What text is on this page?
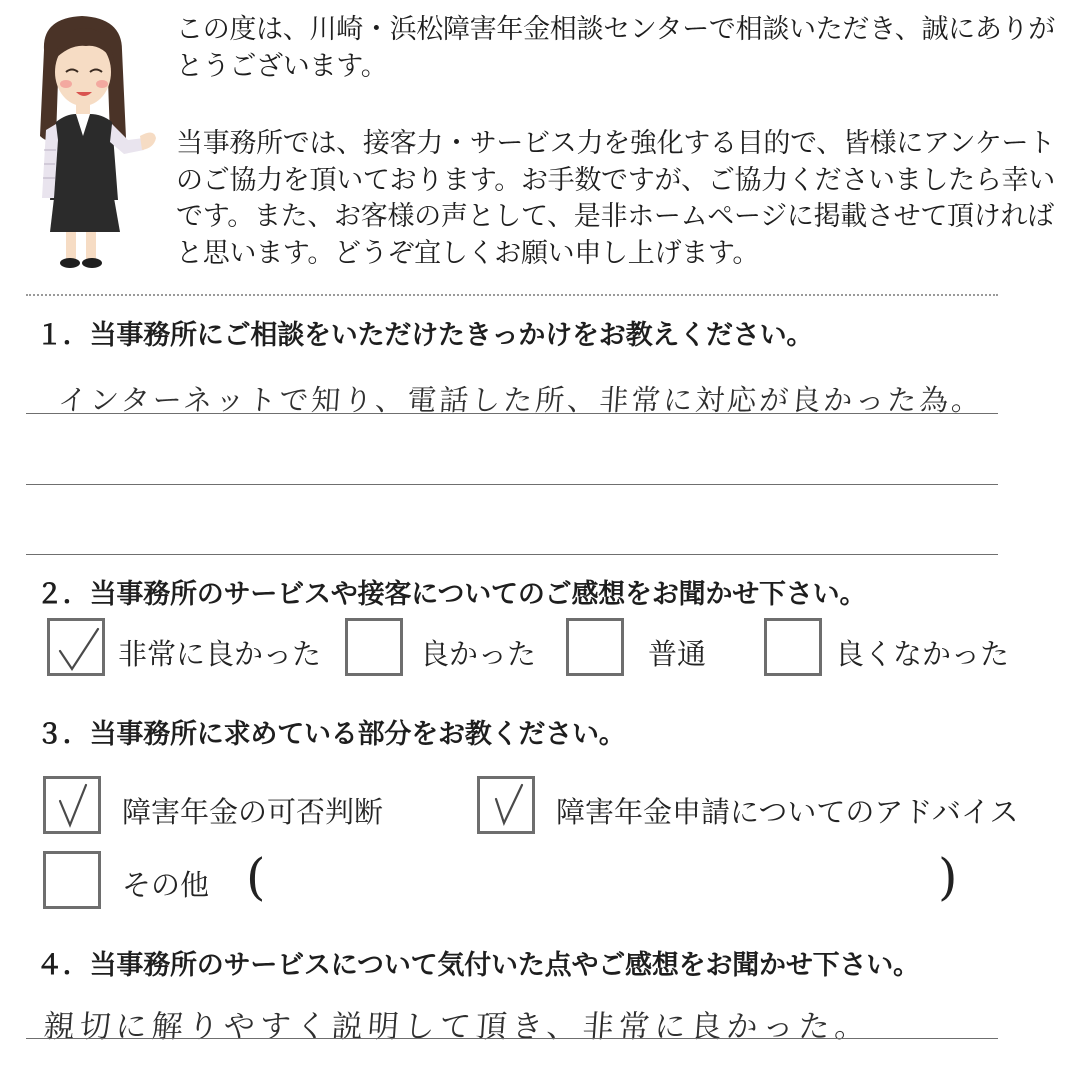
この度は、川崎・浜松障害年金相談センターで相談いただき、誠にありがとうございます。

当事務所では、接客力・サービス力を強化する目的で、皆様にアンケートのご協力を頂いております。お手数ですが、ご協力くださいましたら幸いです。また、お客様の声として、是非ホームページに掲載させて頂ければと思います。どうぞ宜しくお願い申し上げます。

１．当事務所にご相談をいただけたきっかけをお教えください。
インターネットで知り、電話した所、非常に対応が良かった為。
２．当事務所のサービスや接客についてのご感想をお聞かせ下さい。
非常に良かった	良かった	普通	良くなかった
３．当事務所に求めている部分をお教ください。
障害年金の可否判断	障害年金申請についてのアドバイス
その他 (	)
４．当事務所のサービスについて気付いた点やご感想をお聞かせ下さい。
親切に解りやすく説明して頂き、非常に良かった。
